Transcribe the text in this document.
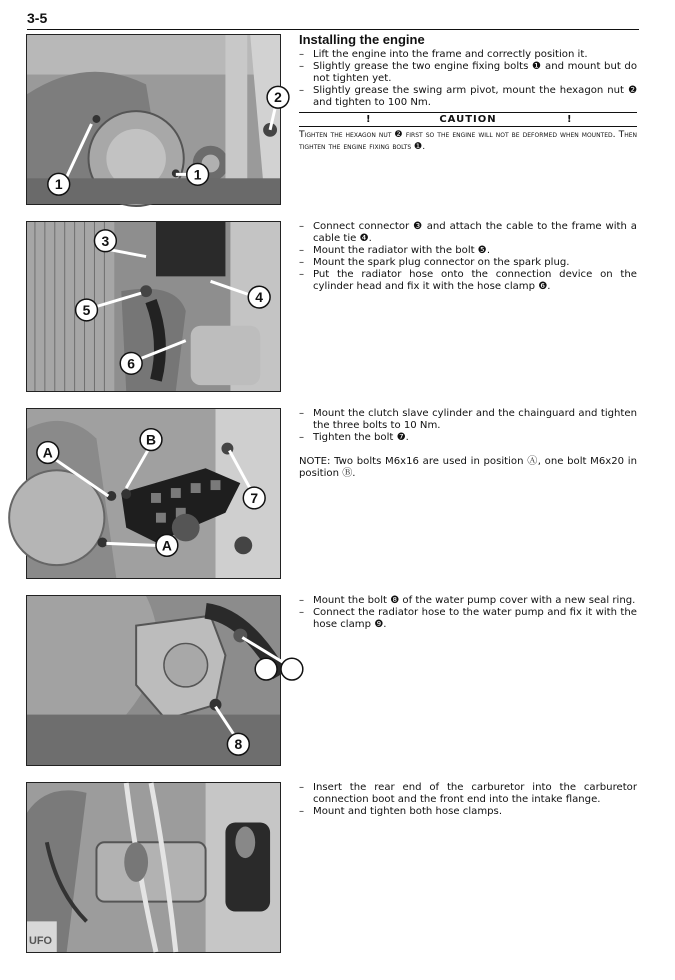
3-5
2
1
1
Installing the engine
– Lift the engine into the frame and correctly position it.
– Slightly grease the two engine fixing bolts ❶ and mount but do not tighten yet.
– Slightly grease the swing arm pivot, mount the hexagon nut ❷ and tighten to 100 Nm.
!	CAUTION	!
Tighten the hexagon nut ❷ first so the engine will not be deformed when mounted. Then tighten the engine fixing bolts ❶.
3
4
5
6
– Connect connector ❸ and attach the cable to the frame with a cable tie ❹.
– Mount the radiator with the bolt ❺.
– Mount the spark plug connector on the spark plug.
– Put the radiator hose onto the connection device on the cylinder head and fix it with the hose clamp ❻.
B
A
7
A
– Mount the clutch slave cylinder and the chainguard and tighten the three bolts to 10 Nm.
– Tighten the bolt ❼.
NOTE: Two bolts M6x16 are used in position Ⓐ, one bolt M6x20 in position Ⓑ.
8
– Mount the bolt ❽ of the water pump cover with a new seal ring.
– Connect the radiator hose to the water pump and fix it with the hose clamp ❾.
UFO
– Insert the rear end of the carburetor into the carburetor connection boot and the front end into the intake flange.
– Mount and tighten both hose clamps.
